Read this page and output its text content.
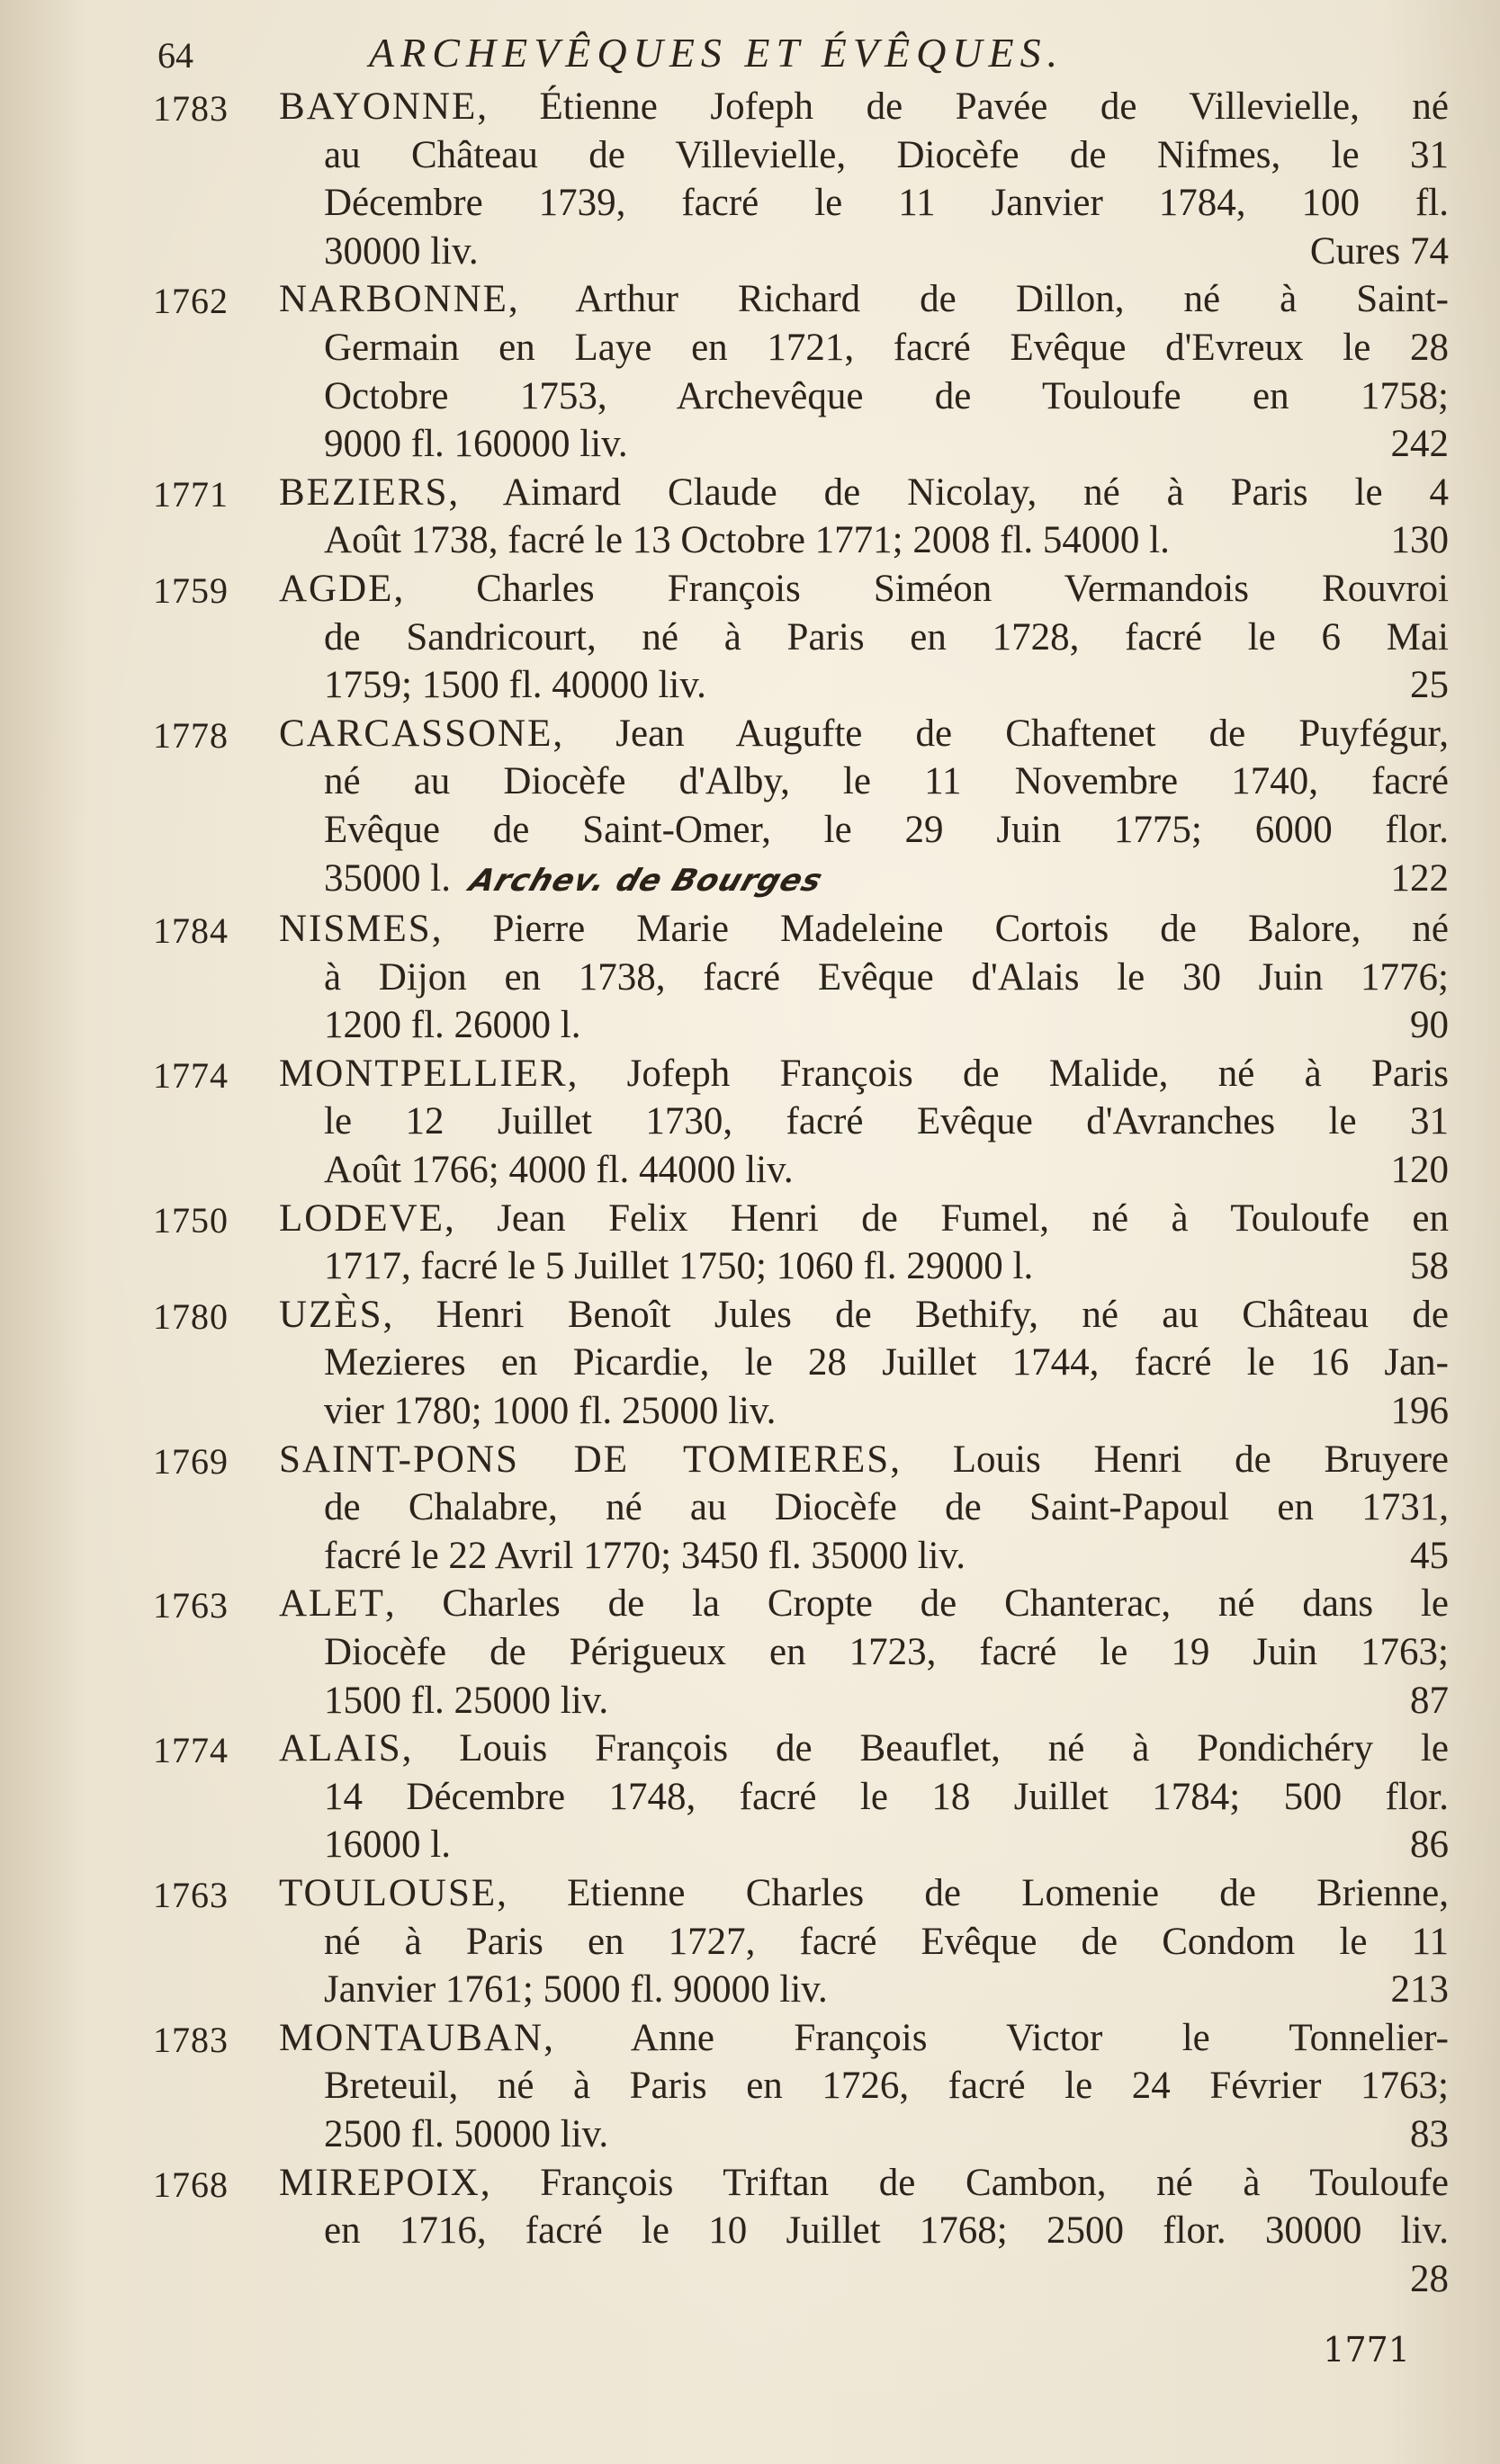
64	ARCHEVÊQUES ET ÉVÊQUES.
1783 BAYONNE, Étienne Jofeph de Pavée de Villevielle, né
au Château de Villevielle, Diocèfe de Nifmes, le 31
Décembre 1739, facré le 11 Janvier 1784, 100 fl.
30000 liv.	Cures 74
1762 NARBONNE, Arthur Richard de Dillon, né à Saint-
Germain en Laye en 1721, facré Evêque d'Evreux le 28
Octobre 1753, Archevêque de Touloufe en 1758;
9000 fl. 160000 liv.	242
1771 BEZIERS, Aimard Claude de Nicolay, né à Paris le 4
Août 1738, facré le 13 Octobre 1771; 2008 fl. 54000 l.	130
1759 AGDE, Charles François Siméon Vermandois Rouvroi
de Sandricourt, né à Paris en 1728, facré le 6 Mai
1759; 1500 fl. 40000 liv.	25
1778 CARCASSONE, Jean Augufte de Chaftenet de Puyfégur,
né au Diocèfe d'Alby, le 11 Novembre 1740, facré
Evêque de Saint-Omer, le 29 Juin 1775; 6000 flor.
35000 l. Archev. de Bourges	122
1784 NISMES, Pierre Marie Madeleine Cortois de Balore, né
à Dijon en 1738, facré Evêque d'Alais le 30 Juin 1776;
1200 fl. 26000 l.	90
1774 MONTPELLIER, Jofeph François de Malide, né à Paris
le 12 Juillet 1730, facré Evêque d'Avranches le 31
Août 1766; 4000 fl. 44000 liv.	120
1750 LODEVE, Jean Felix Henri de Fumel, né à Touloufe en
1717, facré le 5 Juillet 1750; 1060 fl. 29000 l.	58
1780 UZÈS, Henri Benoît Jules de Bethify, né au Château de
Mezieres en Picardie, le 28 Juillet 1744, facré le 16 Jan-
vier 1780; 1000 fl. 25000 liv.	196
1769 SAINT-PONS DE TOMIERES, Louis Henri de Bruyere
de Chalabre, né au Diocèfe de Saint-Papoul en 1731,
facré le 22 Avril 1770; 3450 fl. 35000 liv.	45
1763 ALET, Charles de la Cropte de Chanterac, né dans le
Diocèfe de Périgueux en 1723, facré le 19 Juin 1763;
1500 fl. 25000 liv.	87
1774 ALAIS, Louis François de Beauflet, né à Pondichéry le
14 Décembre 1748, facré le 18 Juillet 1784; 500 flor.
16000 l.	86
1763 TOULOUSE, Etienne Charles de Lomenie de Brienne,
né à Paris en 1727, facré Evêque de Condom le 11
Janvier 1761; 5000 fl. 90000 liv.	213
1783 MONTAUBAN, Anne François Victor le Tonnelier-
Breteuil, né à Paris en 1726, facré le 24 Février 1763;
2500 fl. 50000 liv.	83
1768 MIREPOIX, François Triftan de Cambon, né à Touloufe
en 1716, facré le 10 Juillet 1768; 2500 flor. 30000 liv.
28
1771
